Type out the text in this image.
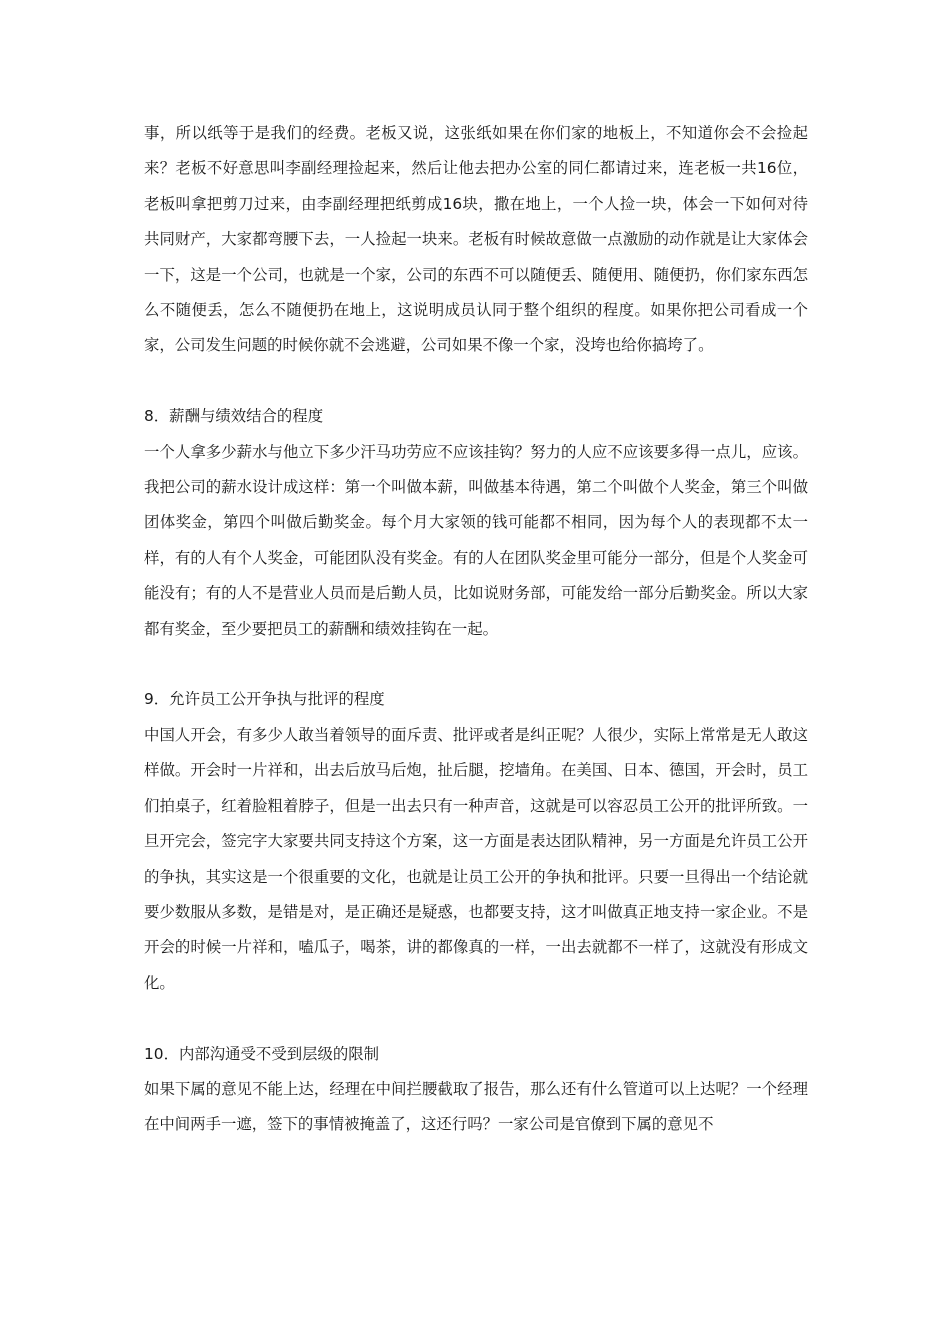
事，所以纸等于是我们的经费。老板又说，这张纸如果在你们家的地板上，不知道你会不会捡起来？老板不好意思叫李副经理捡起来，然后让他去把办公室的同仁都请过来，连老板一共16位，老板叫拿把剪刀过来，由李副经理把纸剪成16块，撒在地上，一个人捡一块，体会一下如何对待共同财产，大家都弯腰下去，一人捡起一块来。老板有时候故意做一点激励的动作就是让大家体会一下，这是一个公司，也就是一个家，公司的东西不可以随便丢、随便用、随便扔，你们家东西怎么不随便丢，怎么不随便扔在地上，这说明成员认同于整个组织的程度。如果你把公司看成一个家，公司发生问题的时候你就不会逃避，公司如果不像一个家，没垮也给你搞垮了。

8．薪酬与绩效结合的程度

一个人拿多少薪水与他立下多少汗马功劳应不应该挂钩？努力的人应不应该要多得一点儿，应该。我把公司的薪水设计成这样：第一个叫做本薪，叫做基本待遇，第二个叫做个人奖金，第三个叫做团体奖金，第四个叫做后勤奖金。每个月大家领的钱可能都不相同，因为每个人的表现都不太一样，有的人有个人奖金，可能团队没有奖金。有的人在团队奖金里可能分一部分，但是个人奖金可能没有；有的人不是营业人员而是后勤人员，比如说财务部，可能发给一部分后勤奖金。所以大家都有奖金，至少要把员工的薪酬和绩效挂钩在一起。

9．允许员工公开争执与批评的程度

中国人开会，有多少人敢当着领导的面斥责、批评或者是纠正呢？人很少，实际上常常是无人敢这样做。开会时一片祥和，出去后放马后炮，扯后腿，挖墙角。在美国、日本、德国，开会时，员工们拍桌子，红着脸粗着脖子，但是一出去只有一种声音，这就是可以容忍员工公开的批评所致。一旦开完会，签完字大家要共同支持这个方案，这一方面是表达团队精神，另一方面是允许员工公开的争执，其实这是一个很重要的文化，也就是让员工公开的争执和批评。只要一旦得出一个结论就要少数服从多数，是错是对，是正确还是疑惑，也都要支持，这才叫做真正地支持一家企业。不是开会的时候一片祥和，嗑瓜子，喝茶，讲的都像真的一样，一出去就都不一样了，这就没有形成文化。

10．内部沟通受不受到层级的限制

如果下属的意见不能上达，经理在中间拦腰截取了报告，那么还有什么管道可以上达呢？一个经理在中间两手一遮，签下的事情被掩盖了，这还行吗？一家公司是官僚到下属的意见不
